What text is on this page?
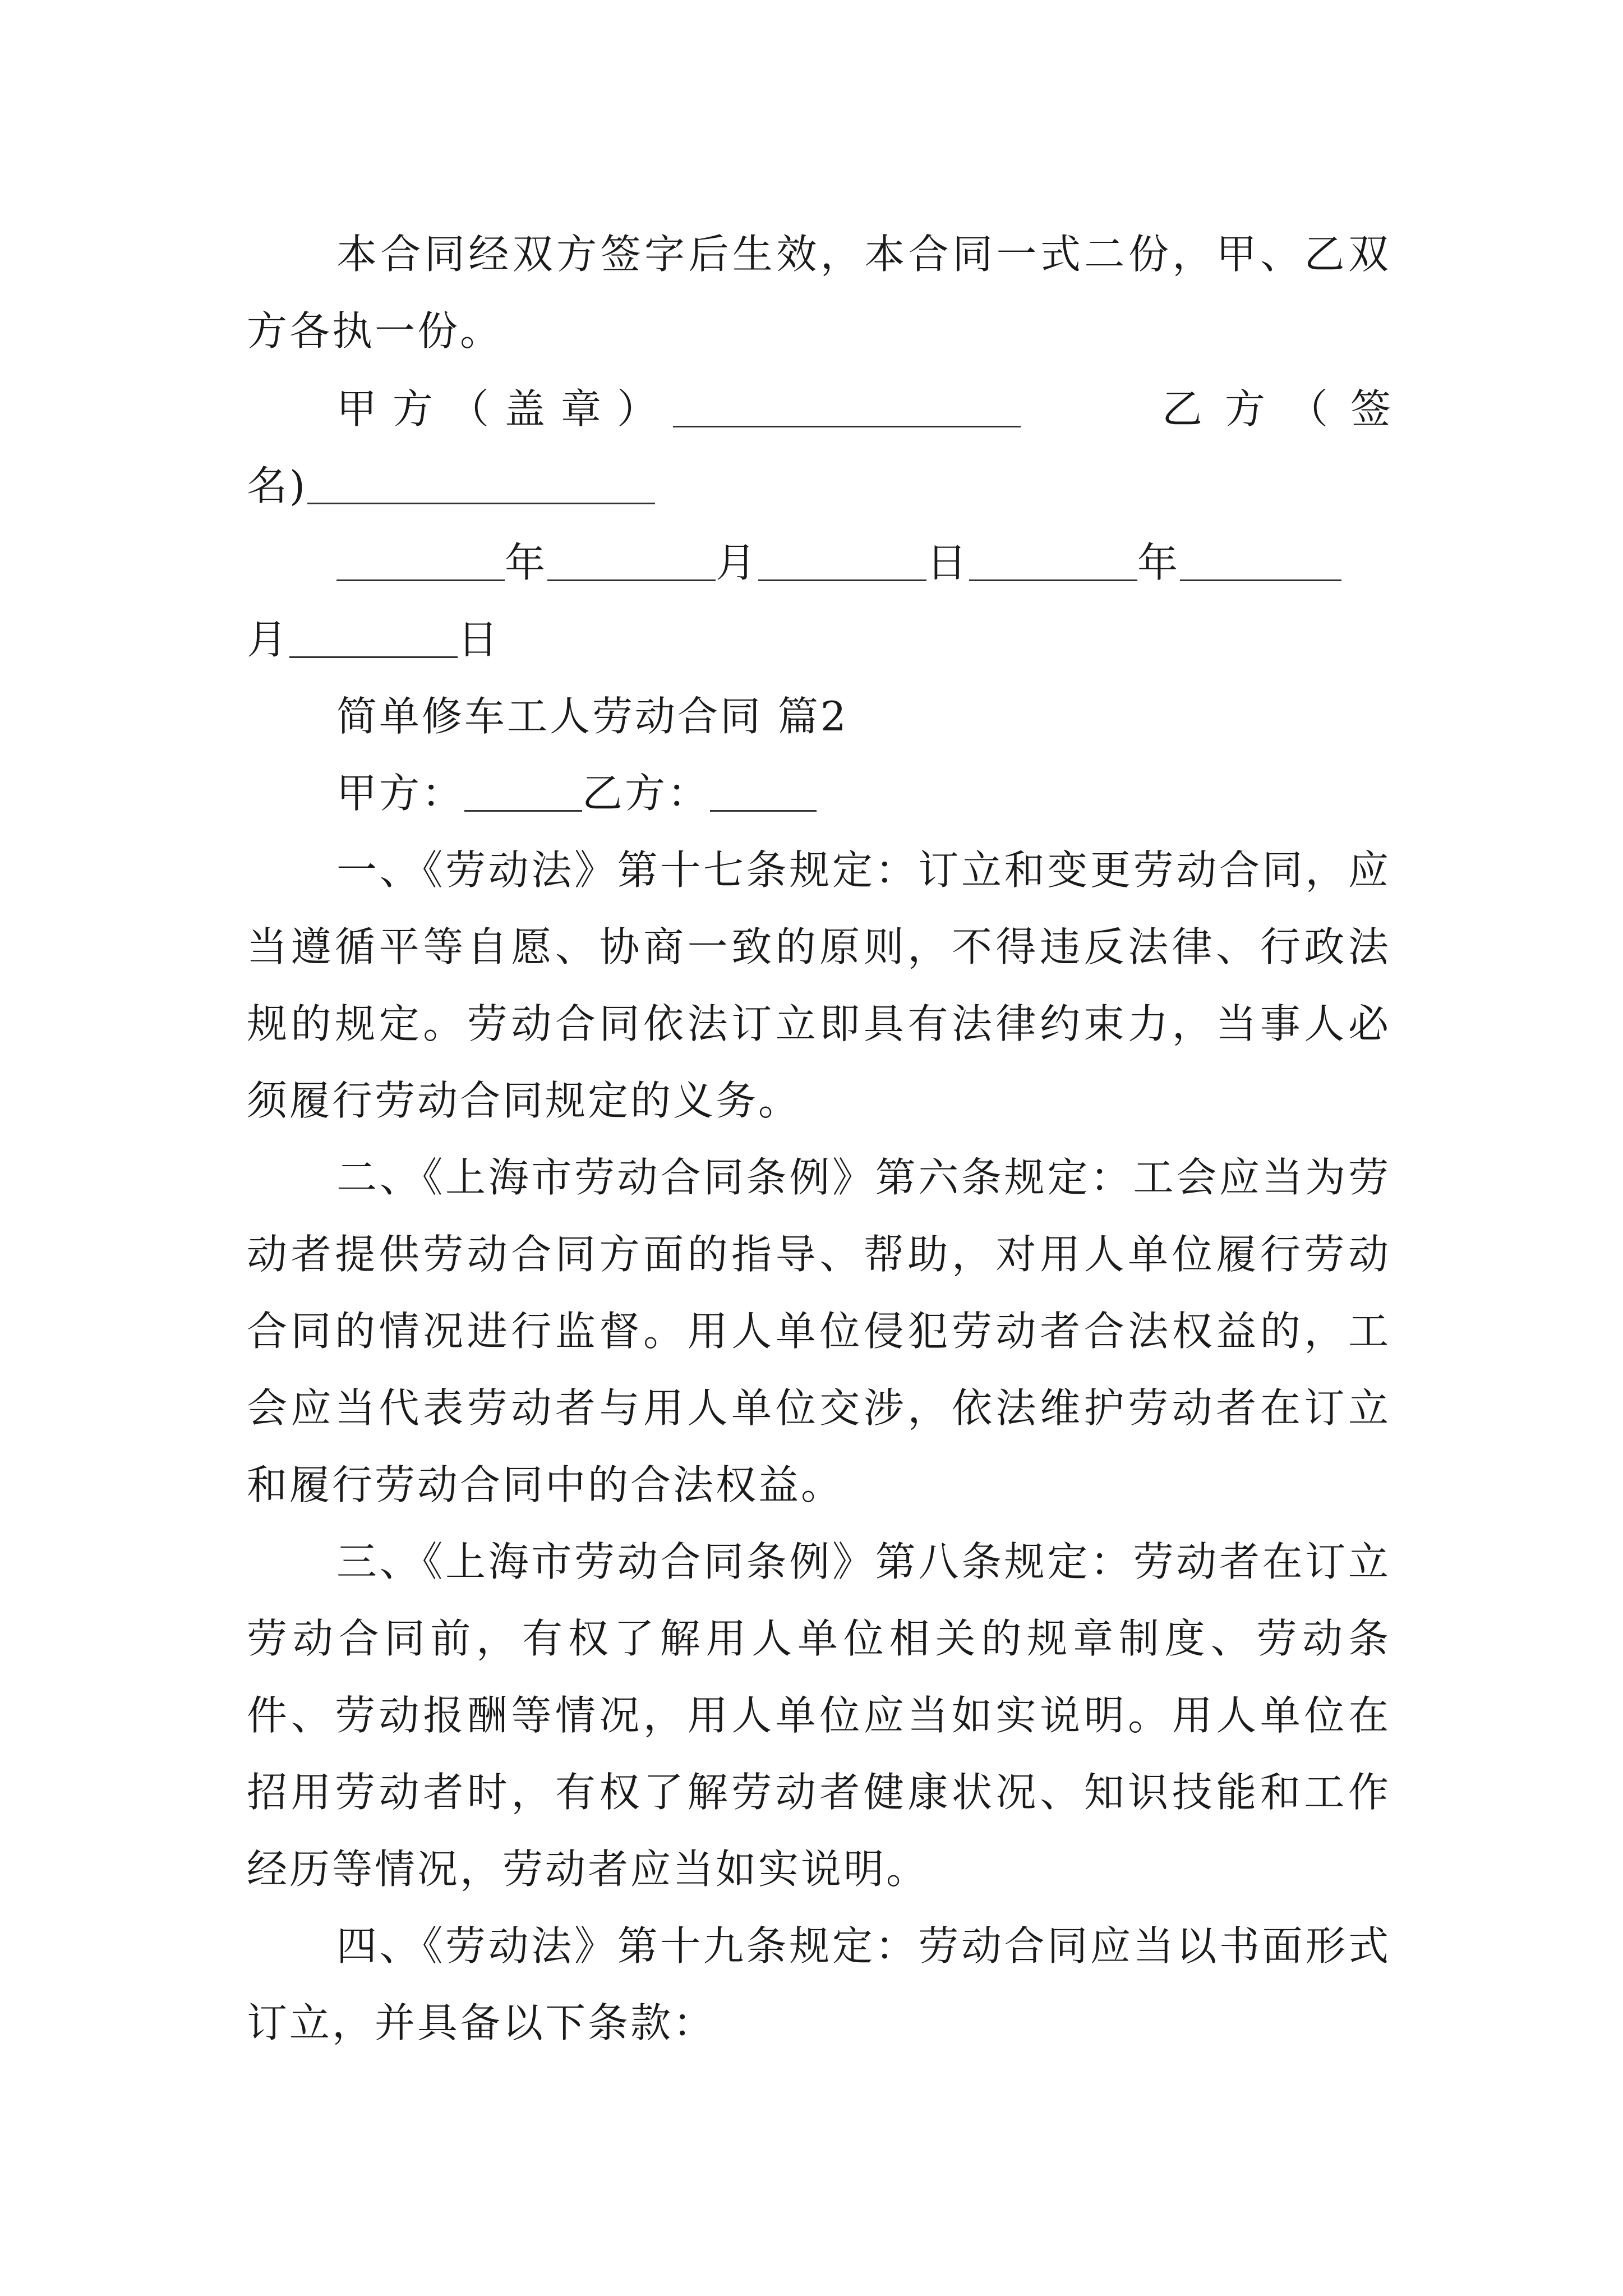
本合同经双方签字后生效，本合同一式二份，甲、乙双方各执一份。

甲方（盖章）	乙方（签
名)
年	月	日	年
月	日
简单修车工人劳动合同 篇2
甲方：	乙方：

一、《劳动法》第十七条规定：订立和变更劳动合同，应当遵循平等自愿、协商一致的原则，不得违反法律、行政法规的规定。劳动合同依法订立即具有法律约束力，当事人必须履行劳动合同规定的义务。

二、《上海市劳动合同条例》第六条规定：工会应当为劳动者提供劳动合同方面的指导、帮助，对用人单位履行劳动合同的情况进行监督。用人单位侵犯劳动者合法权益的，工会应当代表劳动者与用人单位交涉，依法维护劳动者在订立和履行劳动合同中的合法权益。

三、《上海市劳动合同条例》第八条规定：劳动者在订立劳动合同前，有权了解用人单位相关的规章制度、劳动条件、劳动报酬等情况，用人单位应当如实说明。用人单位在招用劳动者时，有权了解劳动者健康状况、知识技能和工作经历等情况，劳动者应当如实说明。

四、《劳动法》第十九条规定：劳动合同应当以书面形式订立，并具备以下条款：
